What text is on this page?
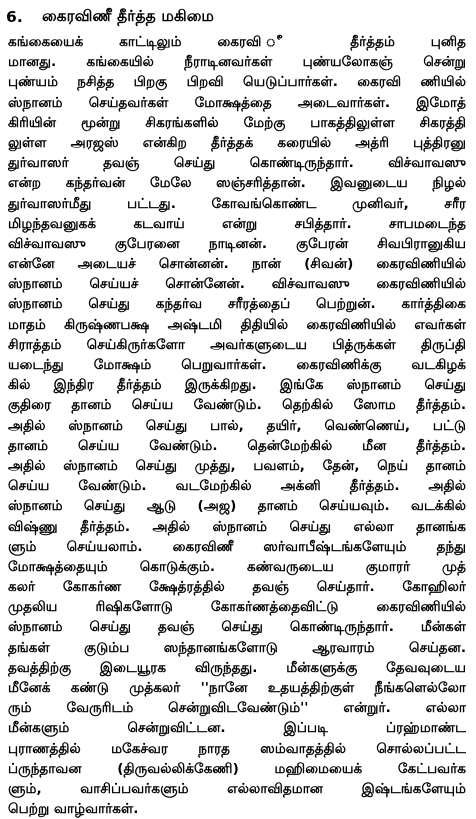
6.	கைரவிணீ தீர்த்த மகிமை
கங்கையைக் காட்டிலும் கைரவி ீ தீர்த்தம் புனித
மானது. கங்கையில் நீராடினவர்கள் புண்யலோகஞ் சென்று
புண்யம் நசித்த பிறகு பிறவி யெடுப்பார்கள். கைரவி ணியில்
ஸ்நானம் செய்தவர்கள் மோக்ஷத்தை அடைவார்கள். இமோத்
கிரியின் மூன்று சிகரங்களில் மேற்கு பாகத்திலுள்ள சிகரத்தி
லுள்ள அரஜஸ் என்கிற தீர்த்தக் கரையில் அத்ரி புத்திரனு
துர்வாஸர் தவஞ் செய்து கொண்டிருந்தார். விச்வாவஸு
என்ற கந்தர்வன் மேலே ஸஞ்சரித்தான். இவனுடைய நிழல்
துர்வாஸர்மீது பட்டது. கோவங்கொண்ட முனிவர், சரீர
மிழந்தவனுகக் கடவாய் என்று சபித்தார். சாபமடைந்த
விச்வாவஸு குபேரனை நாடினன். குபேரன் சிவபிரானுகிய
என்னே அடையச் சொன்னன். நான் (சிவன்) கைரவிணியில்
ஸ்நானம் செய்யச் சொன்னேன். விச்வாவஸு கைரவிணியில்
ஸ்நானம் செய்து கந்தர்வ சரீரத்தைப் பெற்றுன். கார்த்திகை
மாதம் கிருஷ்ணபக்ஷ அஷ்டமி திதியில் கைரவிணியில் எவர்கள்
சிராத்தம் செய்கிருர்களோ அவர்களுடைய பித்ருக்கள் திருப்தி
யடைந்து மோக்ஷம் பெறுவார்கள். கைரவிணிக்கு வடகிழக்
கில் இந்திர தீர்த்தம் இருக்கிறது. இங்கே ஸ்நானம் செய்து
குதிரை தானம் செய்ய வேண்டும். தெற்கில் ஸோம தீர்த்தம்.
அதில் ஸ்நானம் செய்து பால், தயிர், வெண்ணெய், பட்டு
தானம் செய்ய வேண்டும். தென்மேற்கில் மீன தீர்த்தம்.
அதில் ஸ்நானம் செய்து முத்து, பவளம், தேன், நெய் தானம்
செய்ய வேண்டும். வடமேற்கில் அக்னி தீர்த்தம். அதில்
ஸ்நானம் செய்து ஆடு (அஜ) தானம் செய்யவும். வடக்கில்
விஷ்ணு தீர்த்தம். அதில் ஸ்நானம் செய்து எல்லா தானங்க
ளும் செய்யலாம். கைரவிணீ ஸர்வாபீஷ்டங்களேயும் தந்து
மோக்ஷத்தையும் கொடுக்கும். கண்வருடைய குமாரர் முத்
கலர் கோகர்ண க்ஷேத்ரத்தில் தவஞ் செய்தார். கோஹிலர்
முதலிய ரிஷிகளோடு கோகர்ணத்தைவிட்டு கைரவிணியில்
ஸ்நானம் செய்து தவஞ் செய்து கொண்டிருந்தார். மீன்கள்
தங்கள் குடும்ப ஸந்தானங்களோடு ஆரவாரம் செய்தன.
தவத்திற்கு இடையூரக விருந்தது. மீன்களுக்கு தேவவுடைய
மீனேக் கண்டு முத்கலர் ''நானே உதயத்திற்குள் நீங்களெல்லோ
ரும் வேருரிடம் சென்றுவிடவேண்டும்'' என்றுர். எல்லா
மீன்களும் சென்றுவிட்டன. இப்படி ப்ரஹ்மாண்ட
புராணத்தில் மகேச்வர நாரத ஸம்வாதத்தில் சொல்லப்பட்ட
ப்ருந்தாவன (திருவல்லிக்கேணி) மஹிமையைக் கேட்பவர்க
ளும், வாசிப்பவர்களும் எல்லாவிதமான இஷ்டங்களேயும்
பெற்று வாழ்வார்கள்.
